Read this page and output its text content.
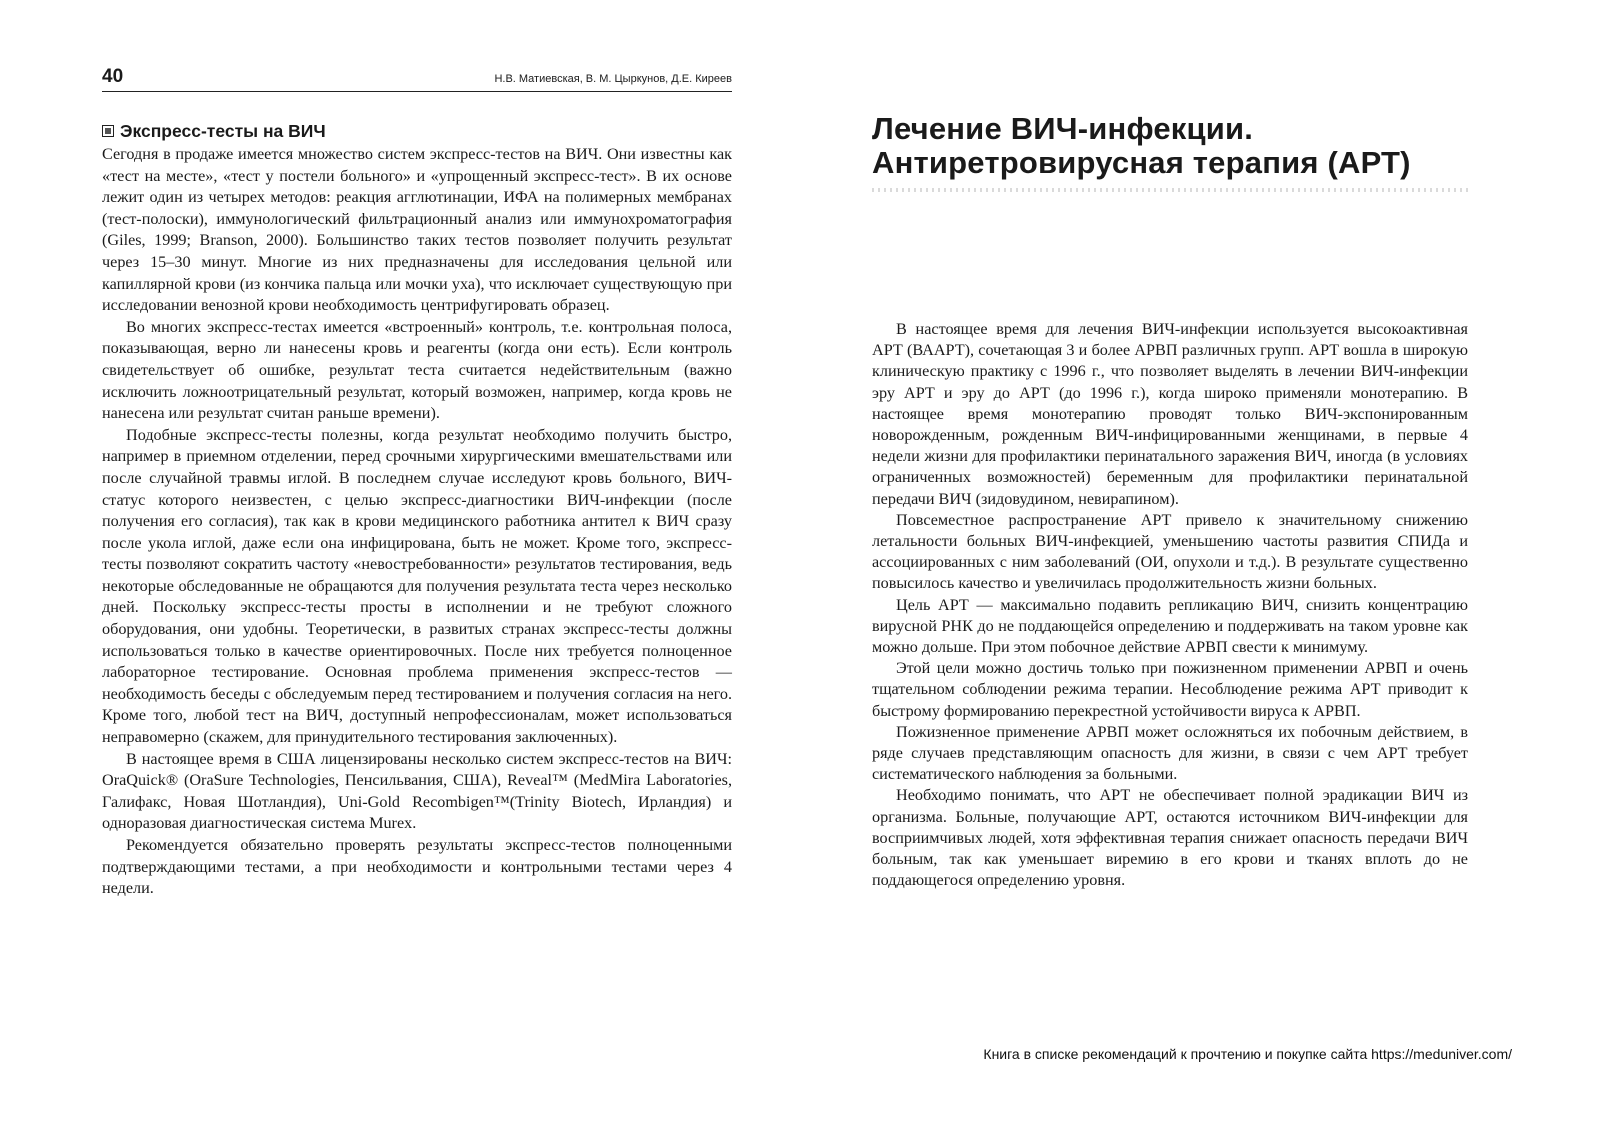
40	Н.В. Матиевская, В. М. Цыркунов, Д.Е. Киреев
Экспресс-тесты на ВИЧ

Сегодня в продаже имеется множество систем экспресс-тестов на ВИЧ. Они известны как «тест на месте», «тест у постели больного» и «упрощенный экспресс-тест». В их основе лежит один из четырех методов: реакция агглютинации, ИФА на полимерных мембранах (тест-полоски), иммунологический фильтрационный анализ или иммунохроматография (Giles, 1999; Branson, 2000). Большинство таких тестов позволяет получить результат через 15–30 минут. Многие из них предназначены для исследования цельной или капиллярной крови (из кончика пальца или мочки уха), что исключает существующую при исследовании венозной крови необходимость центрифугировать образец.

Во многих экспресс-тестах имеется «встроенный» контроль, т.е. контрольная полоса, показывающая, верно ли нанесены кровь и реагенты (когда они есть). Если контроль свидетельствует об ошибке, результат теста считается недействительным (важно исключить ложноотрицательный результат, который возможен, например, когда кровь не нанесена или результат считан раньше времени).

Подобные экспресс-тесты полезны, когда результат необходимо получить быстро, например в приемном отделении, перед срочными хирургическими вмешательствами или после случайной травмы иглой. В последнем случае исследуют кровь больного, ВИЧ-статус которого неизвестен, с целью экспресс-диагностики ВИЧ-инфекции (после получения его согласия), так как в крови медицинского работника антител к ВИЧ сразу после укола иглой, даже если она инфицирована, быть не может. Кроме того, экспресс-тесты позволяют сократить частоту «невостребованности» результатов тестирования, ведь некоторые обследованные не обращаются для получения результата теста через несколько дней. Поскольку экспресс-тесты просты в исполнении и не требуют сложного оборудования, они удобны. Теоретически, в развитых странах экспресс-тесты должны использоваться только в качестве ориентировочных. После них требуется полноценное лабораторное тестирование. Основная проблема применения экспресс-тестов — необходимость беседы с обследуемым перед тестированием и получения согласия на него. Кроме того, любой тест на ВИЧ, доступный непрофессионалам, может использоваться неправомерно (скажем, для принудительного тестирования заключенных).

В настоящее время в США лицензированы несколько систем экспресс-тестов на ВИЧ: OraQuick® (OraSure Technologies, Пенсильвания, США), Reveal™ (MedMira Laboratories, Галифакс, Новая Шотландия), Uni-Gold Recombigen™(Trinity Biotech, Ирландия) и одноразовая диагностическая система Murex.

Рекомендуется обязательно проверять результаты экспресс-тестов полноценными подтверждающими тестами, а при необходимости и контрольными тестами через 4 недели.

Лечение ВИЧ-инфекции.
Антиретровирусная терапия (АРТ)

В настоящее время для лечения ВИЧ-инфекции используется высокоактивная АРТ (ВААРТ), сочетающая 3 и более АРВП различных групп. АРТ вошла в широкую клиническую практику с 1996 г., что позволяет выделять в лечении ВИЧ-инфекции эру АРТ и эру до АРТ (до 1996 г.), когда широко применяли монотерапию. В настоящее время монотерапию проводят только ВИЧ-экспонированным новорожденным, рожденным ВИЧ-инфицированными женщинами, в первые 4 недели жизни для профилактики перинатального заражения ВИЧ, иногда (в условиях ограниченных возможностей) беременным для профилактики перинатальной передачи ВИЧ (зидовудином, невирапином).

Повсеместное распространение АРТ привело к значительному снижению летальности больных ВИЧ-инфекцией, уменьшению частоты развития СПИДа и ассоциированных с ним заболеваний (ОИ, опухоли и т.д.). В результате существенно повысилось качество и увеличилась продолжительность жизни больных.

Цель АРТ — максимально подавить репликацию ВИЧ, снизить концентрацию вирусной РНК до не поддающейся определению и поддерживать на таком уровне как можно дольше. При этом побочное действие АРВП свести к минимуму.

Этой цели можно достичь только при пожизненном применении АРВП и очень тщательном соблюдении режима терапии. Несоблюдение режима АРТ приводит к быстрому формированию перекрестной устойчивости вируса к АРВП.

Пожизненное применение АРВП может осложняться их побочным действием, в ряде случаев представляющим опасность для жизни, в связи с чем АРТ требует систематического наблюдения за больными.

Необходимо понимать, что АРТ не обеспечивает полной эрадикации ВИЧ из организма. Больные, получающие АРТ, остаются источником ВИЧ-инфекции для восприимчивых людей, хотя эффективная терапия снижает опасность передачи ВИЧ больным, так как уменьшает виремию в его крови и тканях вплоть до не поддающегося определению уровня.

Книга в списке рекомендаций к прочтению и покупке сайта https://meduniver.com/
